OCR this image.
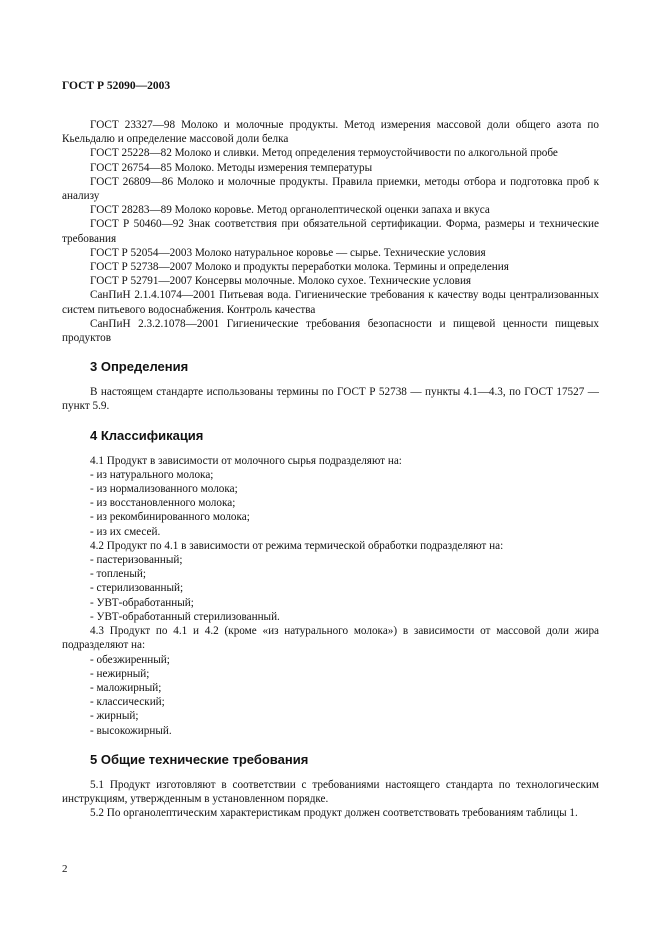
ГОСТ Р 52090—2003

ГОСТ 23327—98 Молоко и молочные продукты. Метод измерения массовой доли общего азота по Кьельдалю и определение массовой доли белка

ГОСТ 25228—82 Молоко и сливки. Метод определения термоустойчивости по алкогольной пробе

ГОСТ 26754—85 Молоко. Методы измерения температуры

ГОСТ 26809—86 Молоко и молочные продукты. Правила приемки, методы отбора и подготовка проб к анализу

ГОСТ 28283—89 Молоко коровье. Метод органолептической оценки запаха и вкуса

ГОСТ Р 50460—92 Знак соответствия при обязательной сертификации. Форма, размеры и технические требования

ГОСТ Р 52054—2003 Молоко натуральное коровье — сырье. Технические условия

ГОСТ Р 52738—2007 Молоко и продукты переработки молока. Термины и определения

ГОСТ Р 52791—2007 Консервы молочные. Молоко сухое. Технические условия

СанПиН 2.1.4.1074—2001 Питьевая вода. Гигиенические требования к качеству воды централизованных систем питьевого водоснабжения. Контроль качества

СанПиН 2.3.2.1078—2001 Гигиенические требования безопасности и пищевой ценности пищевых продуктов

3 Определения

В настоящем стандарте использованы термины по ГОСТ Р 52738 — пункты 4.1—4.3, по ГОСТ 17527 — пункт 5.9.

4 Классификация

4.1 Продукт в зависимости от молочного сырья подразделяют на:

- из натурального молока;

- из нормализованного молока;

- из восстановленного молока;

- из рекомбинированного молока;

- из их смесей.

4.2 Продукт по 4.1 в зависимости от режима термической обработки подразделяют на:

- пастеризованный;

- топленый;

- стерилизованный;

- УВТ-обработанный;

- УВТ-обработанный стерилизованный.

4.3 Продукт по 4.1 и 4.2 (кроме «из натурального молока») в зависимости от массовой доли жира подразделяют на:

- обезжиренный;

- нежирный;

- маложирный;

- классический;

- жирный;

- высокожирный.

5 Общие технические требования

5.1 Продукт изготовляют в соответствии с требованиями настоящего стандарта по технологическим инструкциям, утвержденным в установленном порядке.

5.2 По органолептическим характеристикам продукт должен соответствовать требованиям таблицы 1.

2
